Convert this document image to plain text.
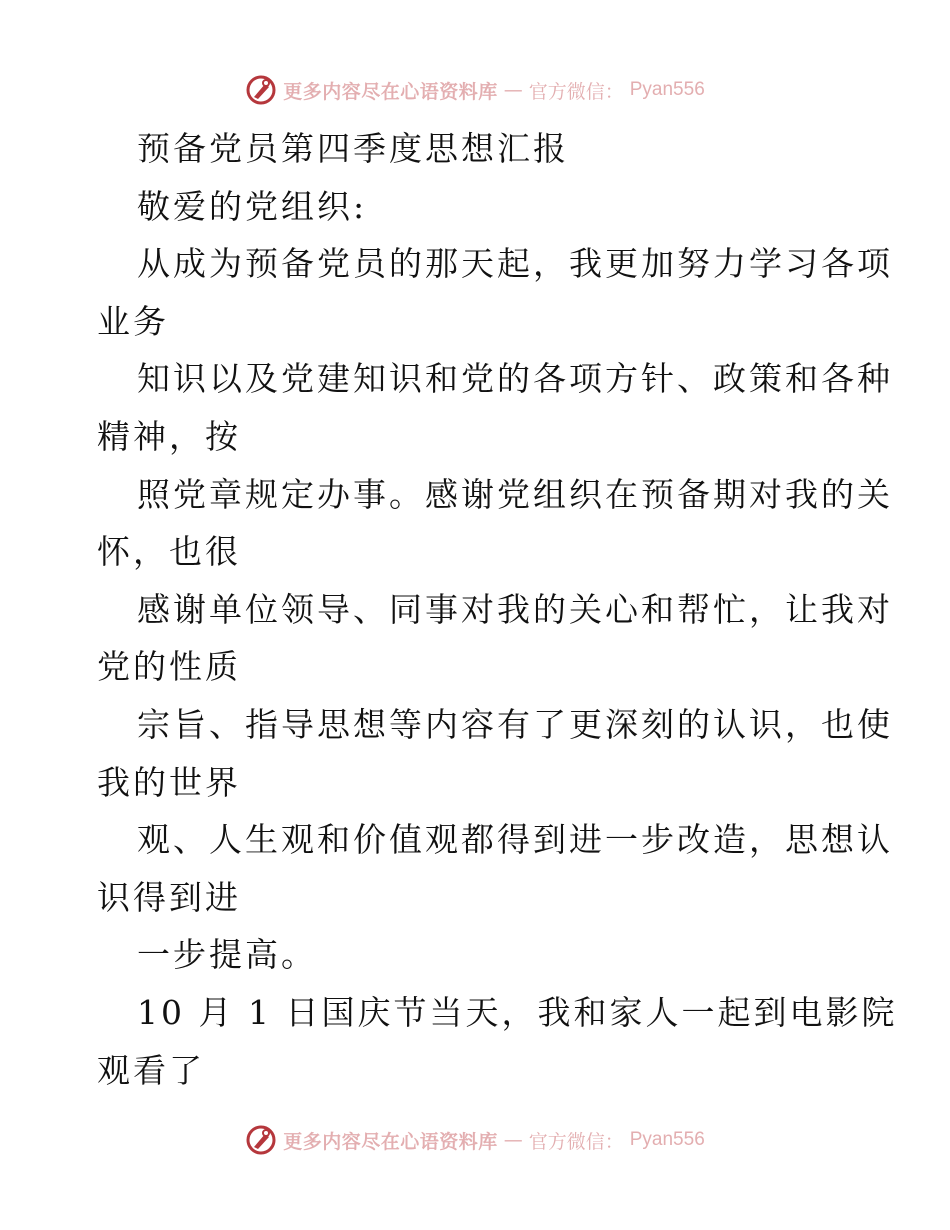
更多内容尽在心语资料库 — 官方微信： Pyan556
预备党员第四季度思想汇报
敬爱的党组织:
从成为预备党员的那天起，我更加努力学习各项
业务
知识以及党建知识和党的各项方针、政策和各种
精神，按
照党章规定办事。感谢党组织在预备期对我的关
怀，也很
感谢单位领导、同事对我的关心和帮忙，让我对
党的性质
宗旨、指导思想等内容有了更深刻的认识，也使
我的世界
观、人生观和价值观都得到进一步改造，思想认
识得到进
一步提高。
10 月 1 日国庆节当天，我和家人一起到电影院
观看了
更多内容尽在心语资料库 — 官方微信： Pyan556
